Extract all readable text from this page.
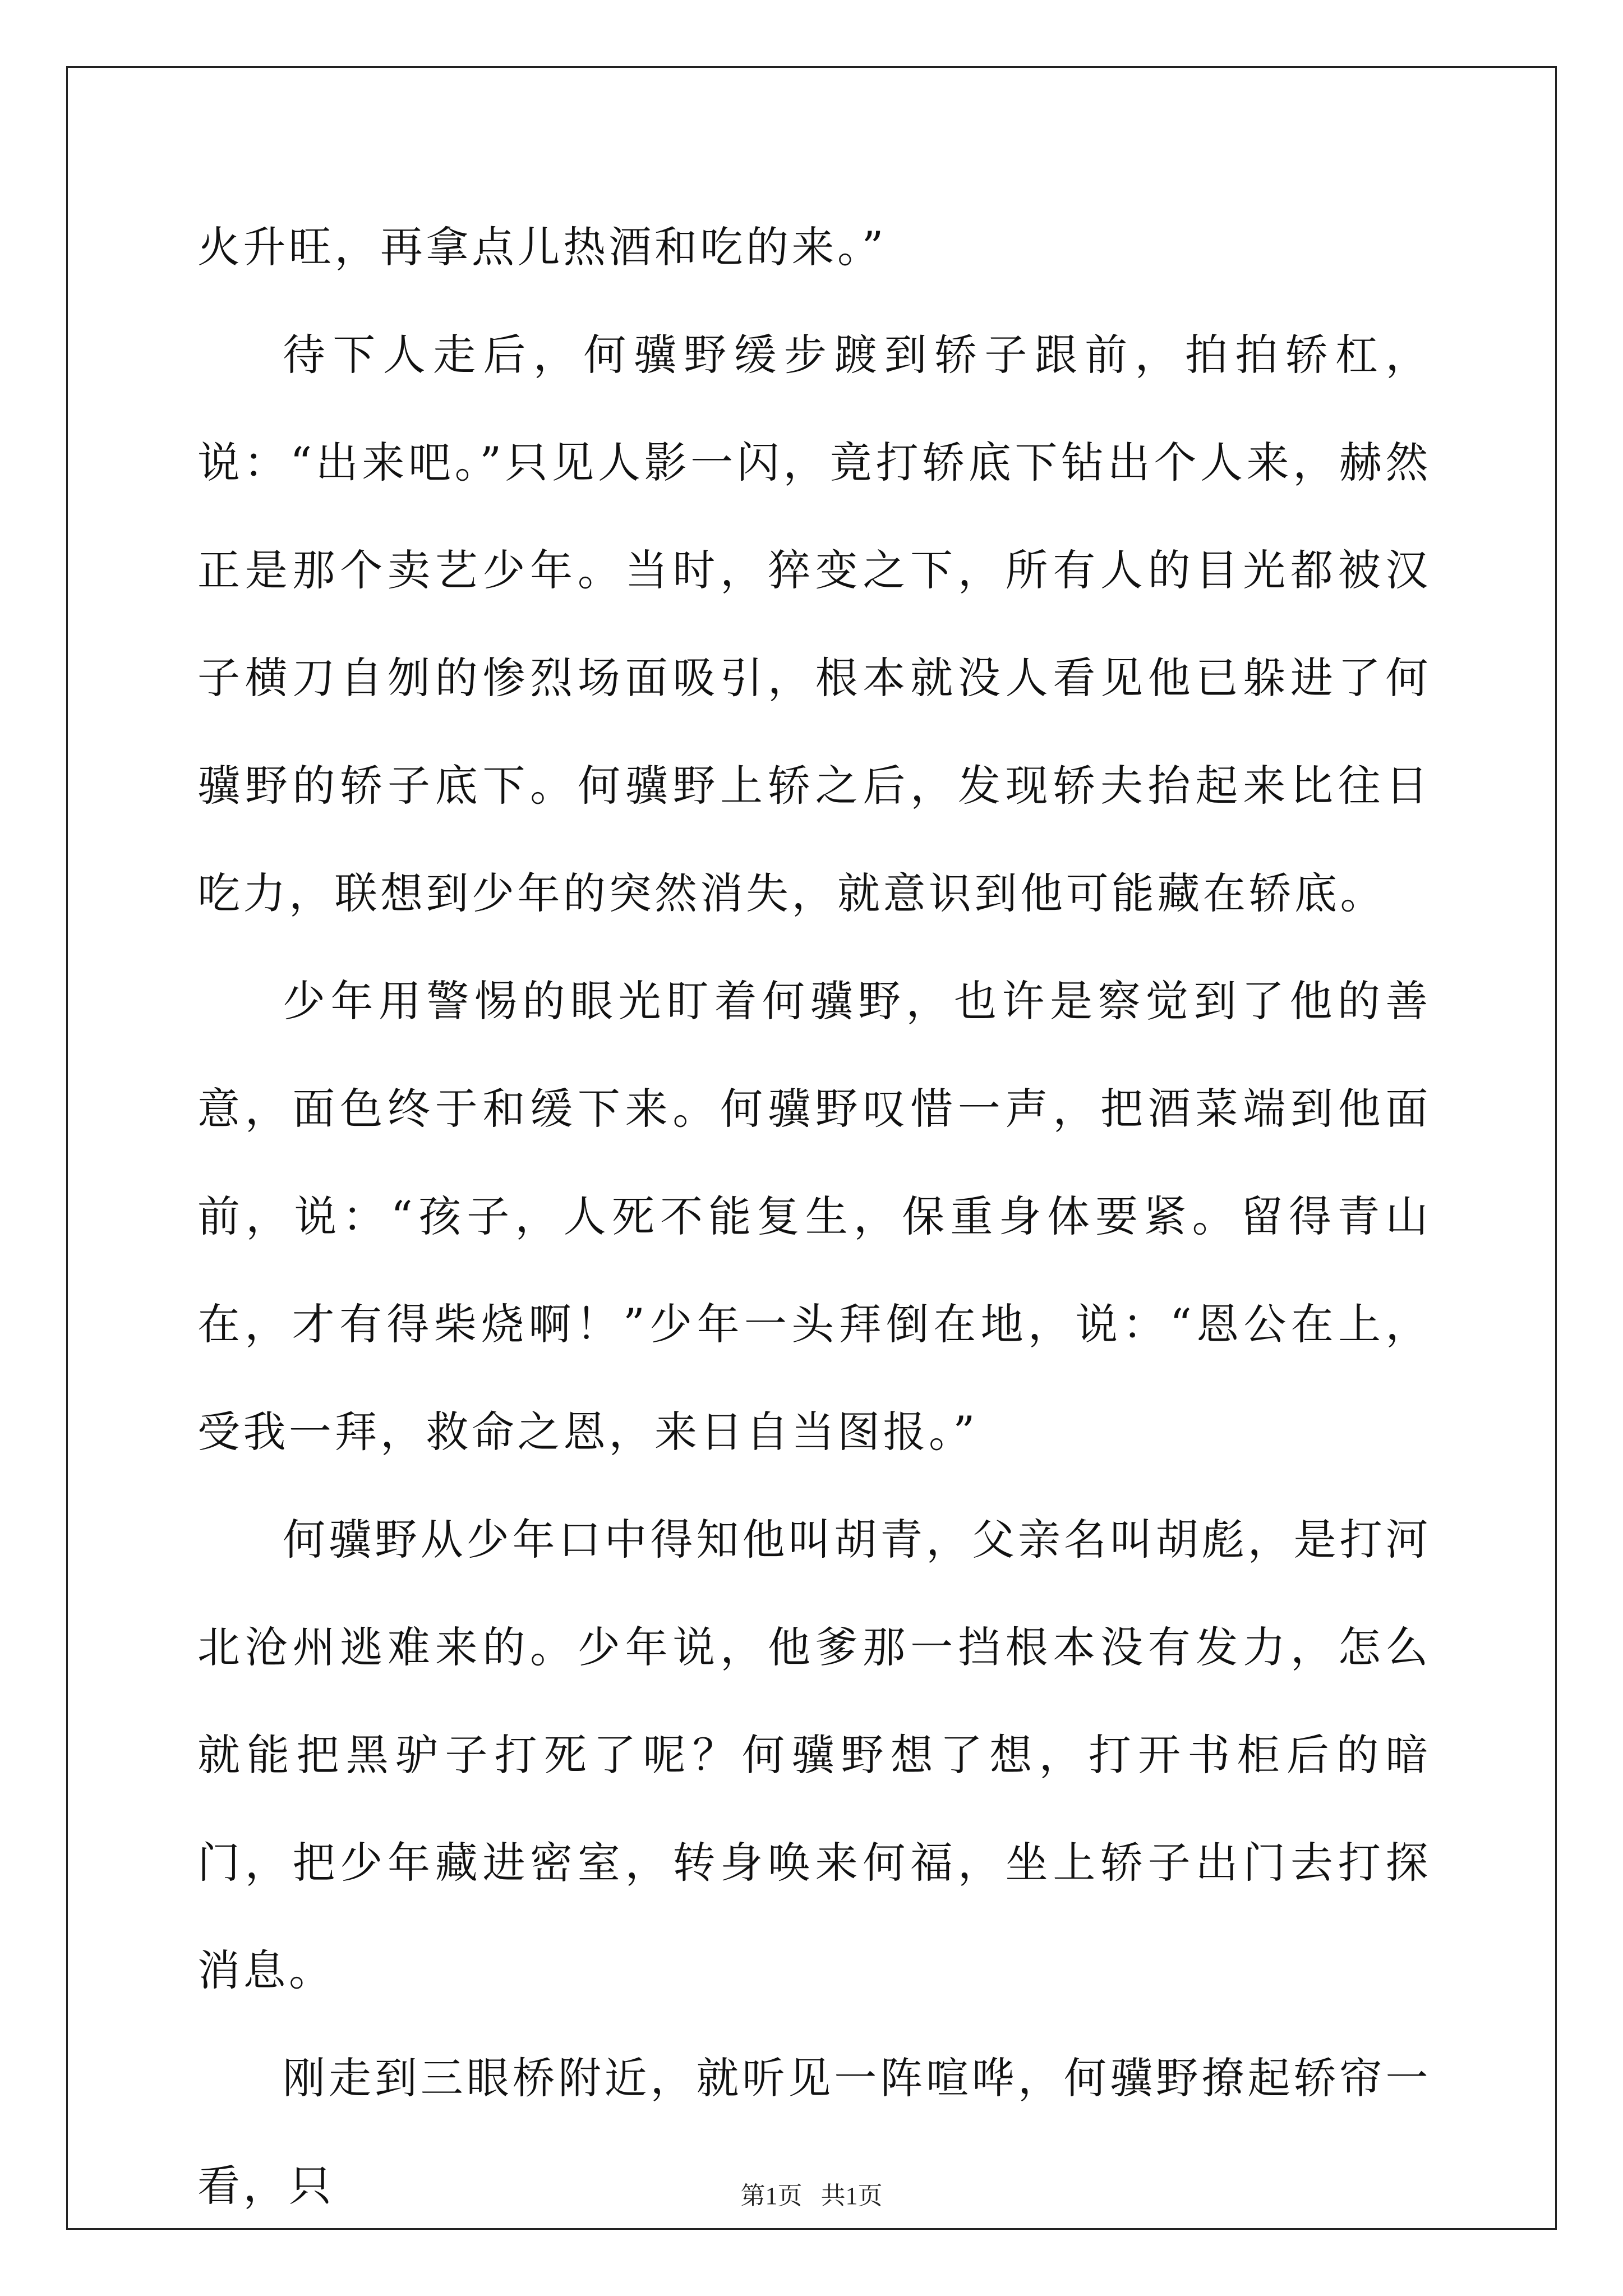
火升旺，再拿点儿热酒和吃的来。”

待下人走后，何骥野缓步踱到轿子跟前，拍拍轿杠，说：“出来吧。”只见人影一闪，竟打轿底下钻出个人来，赫然正是那个卖艺少年。当时，猝变之下，所有人的目光都被汉子横刀自刎的惨烈场面吸引，根本就没人看见他已躲进了何骥野的轿子底下。何骥野上轿之后，发现轿夫抬起来比往日吃力，联想到少年的突然消失，就意识到他可能藏在轿底。

少年用警惕的眼光盯着何骥野，也许是察觉到了他的善意，面色终于和缓下来。何骥野叹惜一声，把酒菜端到他面前，说：“孩子，人死不能复生，保重身体要紧。留得青山在，才有得柴烧啊！”少年一头拜倒在地，说：“恩公在上，受我一拜，救命之恩，来日自当图报。”

何骥野从少年口中得知他叫胡青，父亲名叫胡彪，是打河北沧州逃难来的。少年说，他爹那一挡根本没有发力，怎么就能把黑驴子打死了呢？何骥野想了想，打开书柜后的暗门，把少年藏进密室，转身唤来何福，坐上轿子出门去打探消息。

刚走到三眼桥附近，就听见一阵喧哗，何骥野撩起轿帘一看，只	第1页   共1页
